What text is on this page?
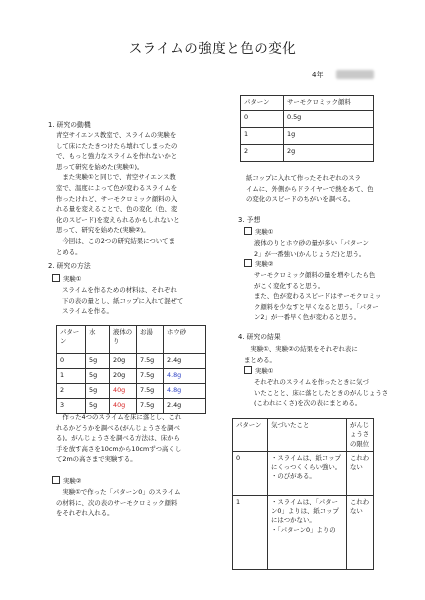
スライムの強度と色の変化
4年
1. 研究の動機
青空サイエンス教室で、スライムの実験を
して床にたたきつけたら壊れてしまったの
で、もっと強力なスライムを作れないかと
思って研究を始めた(実験①)。
　また実験①と同じで、青空サイエンス教
室で、温度によって色が変わるスライムを
作ったけれど、サーモクロミック顔料の入
れる量を変えることで、色の変化（色、変
化のスピード)を変えられるかもしれないと
思って、研究を始めた(実験②)。
　今回は、この2つの研究結果についてま
とめる。
2. 研究の方法
実験①
スライムを作るための材料は、それぞれ
下の表の量とし、紙コップに入れて混ぜて
スライムを作る。
パターン	水	液体のり	お湯	ホウ砂
0	5g	20g	7.5g	2.4g
1	5g	20g	7.5g	4.8g
2	5g	40g	7.5g	4.8g
3	5g	40g	7.5g	2.4g
　作った4つのスライムを床に落とし、これ
れるかどうかを調べる(がんじょうさを調べ
る)。がんじょうさを調べる方法は、床から
手を放す高さを10cmから10cmずつ高くし
て2mの高さまで実験する。
実験②
　実験①で作った「パターン0」のスライム
の材料に、次の表のサーモクロミック顔料
をそれぞれ入れる。
パターン	サーモクロミック顔料
0	0.5g
1	1g
2	2g
紙コップに入れて作ったそれぞれのスラ
イムに、外側からドライヤーで熱をあて、色
の変化のスピードのちがいを調べる。
3. 予想
実験①
液体のりとホウ砂の量が多い「パターン
2」が一番強い(かんじょうだ)と思う。
実験②
サーモクロミック顔料の量を増やしたら色
がこく変化すると思う。
また、色が変わるスピードはサーモクロミッ
ク顔料を少なすと早くなると思う。「パター
ン2」が一番早く色が変わると思う。
4. 研究の結果
　実験①、実験②の結果をそれぞれ表に
まとめる。
実験①
それぞれのスライムを作ったときに気づ
いたことと、床に落としたときのがんじょうさ
(こわれにくさ)を次の表にまとめる。
パターン	気づいたこと	がんじょうさの限位
0	・スライムは、紙コップにくっつくくらい強い。
・のびがある。	これわない
1	・スライムは、「パターン0」よりは、紙コップにはつかない。
・「パターン0」よりの	これわない
